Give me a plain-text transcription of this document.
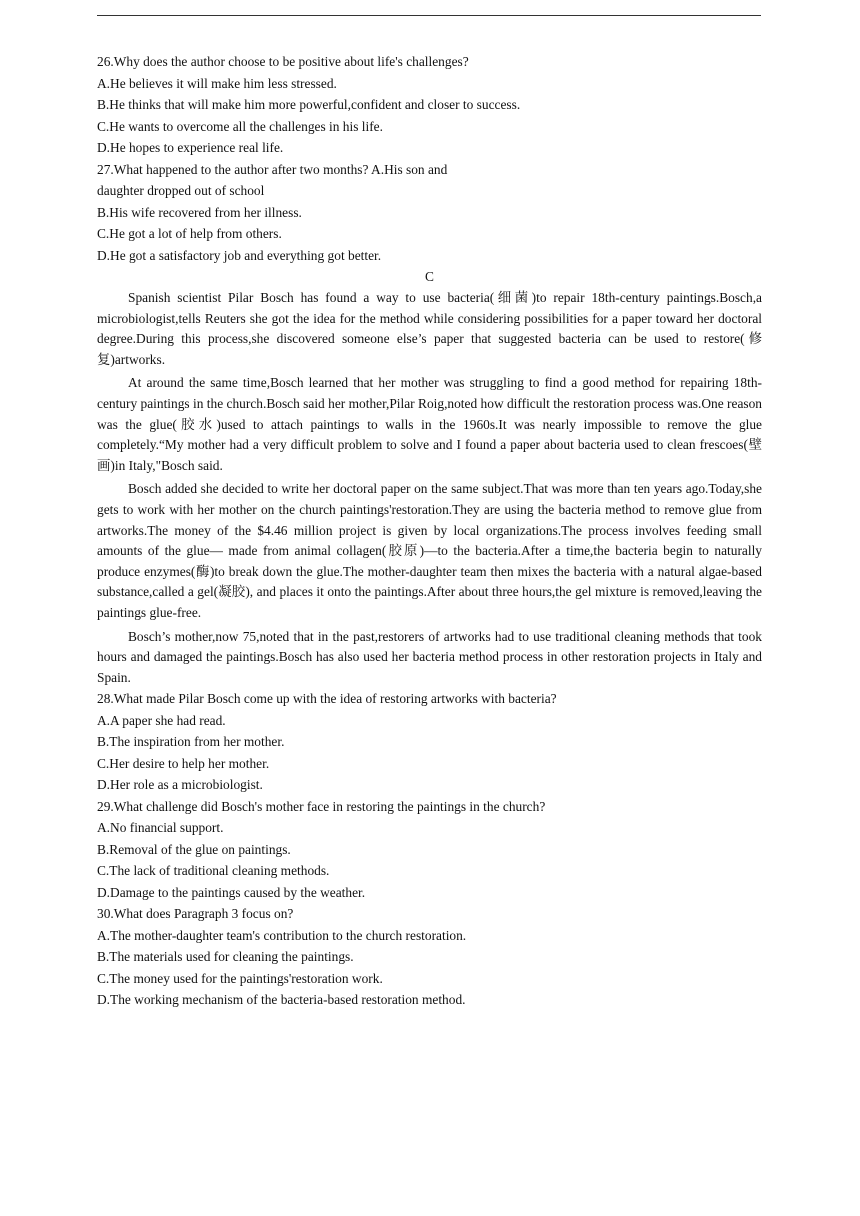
26.Why does the author choose to be positive about life's challenges?
A.He believes it will make him less stressed.
B.He thinks that will make him more powerful,confident and closer to success.
C.He wants to overcome all the challenges in his life.
D.He hopes to experience real life.
27.What happened to the author after two months? A.His son and daughter dropped out of school
B.His wife recovered from her illness.
C.He got a lot of help from others.
D.He got a satisfactory job and everything got better.
C

Spanish scientist Pilar Bosch has found a way to use bacteria(细菌)to repair 18th-century paintings.Bosch,a microbiologist,tells Reuters she got the idea for the method while considering possibilities for a paper toward her doctoral degree.During this process,she discovered someone else’s paper that suggested bacteria can be used to restore(修复)artworks.

At around the same time,Bosch learned that her mother was struggling to find a good method for repairing 18th-century paintings in the church.Bosch said her mother,Pilar Roig,noted how difficult the restoration process was.One reason was the glue(胶水)used to attach paintings to walls in the 1960s.It was nearly impossible to remove the glue completely.“My mother had a very difficult problem to solve and I found a paper about bacteria used to clean frescoes(壁画)in Italy,"Bosch said.

Bosch added she decided to write her doctoral paper on the same subject.That was more than ten years ago.Today,she gets to work with her mother on the church paintings'restoration.They are using the bacteria method to remove glue from artworks.The money of the $4.46 million project is given by local organizations.The process involves feeding small amounts of the glue— made from animal collagen(胶原)—to the bacteria.After a time,the bacteria begin to naturally produce enzymes(酶)to break down the glue.The mother-daughter team then mixes the bacteria with a natural algae-based substance,called a gel(凝胶), and places it onto the paintings.After about three hours,the gel mixture is removed,leaving the paintings glue-free.

Bosch’s mother,now 75,noted that in the past,restorers of artworks had to use traditional cleaning methods that took hours and damaged the paintings.Bosch has also used her bacteria method process in other restoration projects in Italy and Spain.

28.What made Pilar Bosch come up with the idea of restoring artworks with bacteria?
A.A paper she had read.
B.The inspiration from her mother.
C.Her desire to help her mother.
D.Her role as a microbiologist.
29.What challenge did Bosch's mother face in restoring the paintings in the church?
A.No financial support.
B.Removal of the glue on paintings.
C.The lack of traditional cleaning methods.
D.Damage to the paintings caused by the weather.
30.What does Paragraph 3 focus on?
A.The mother-daughter team's contribution to the church restoration.
B.The materials used for cleaning the paintings.
C.The money used for the paintings'restoration work.
D.The working mechanism of the bacteria-based restoration method.
